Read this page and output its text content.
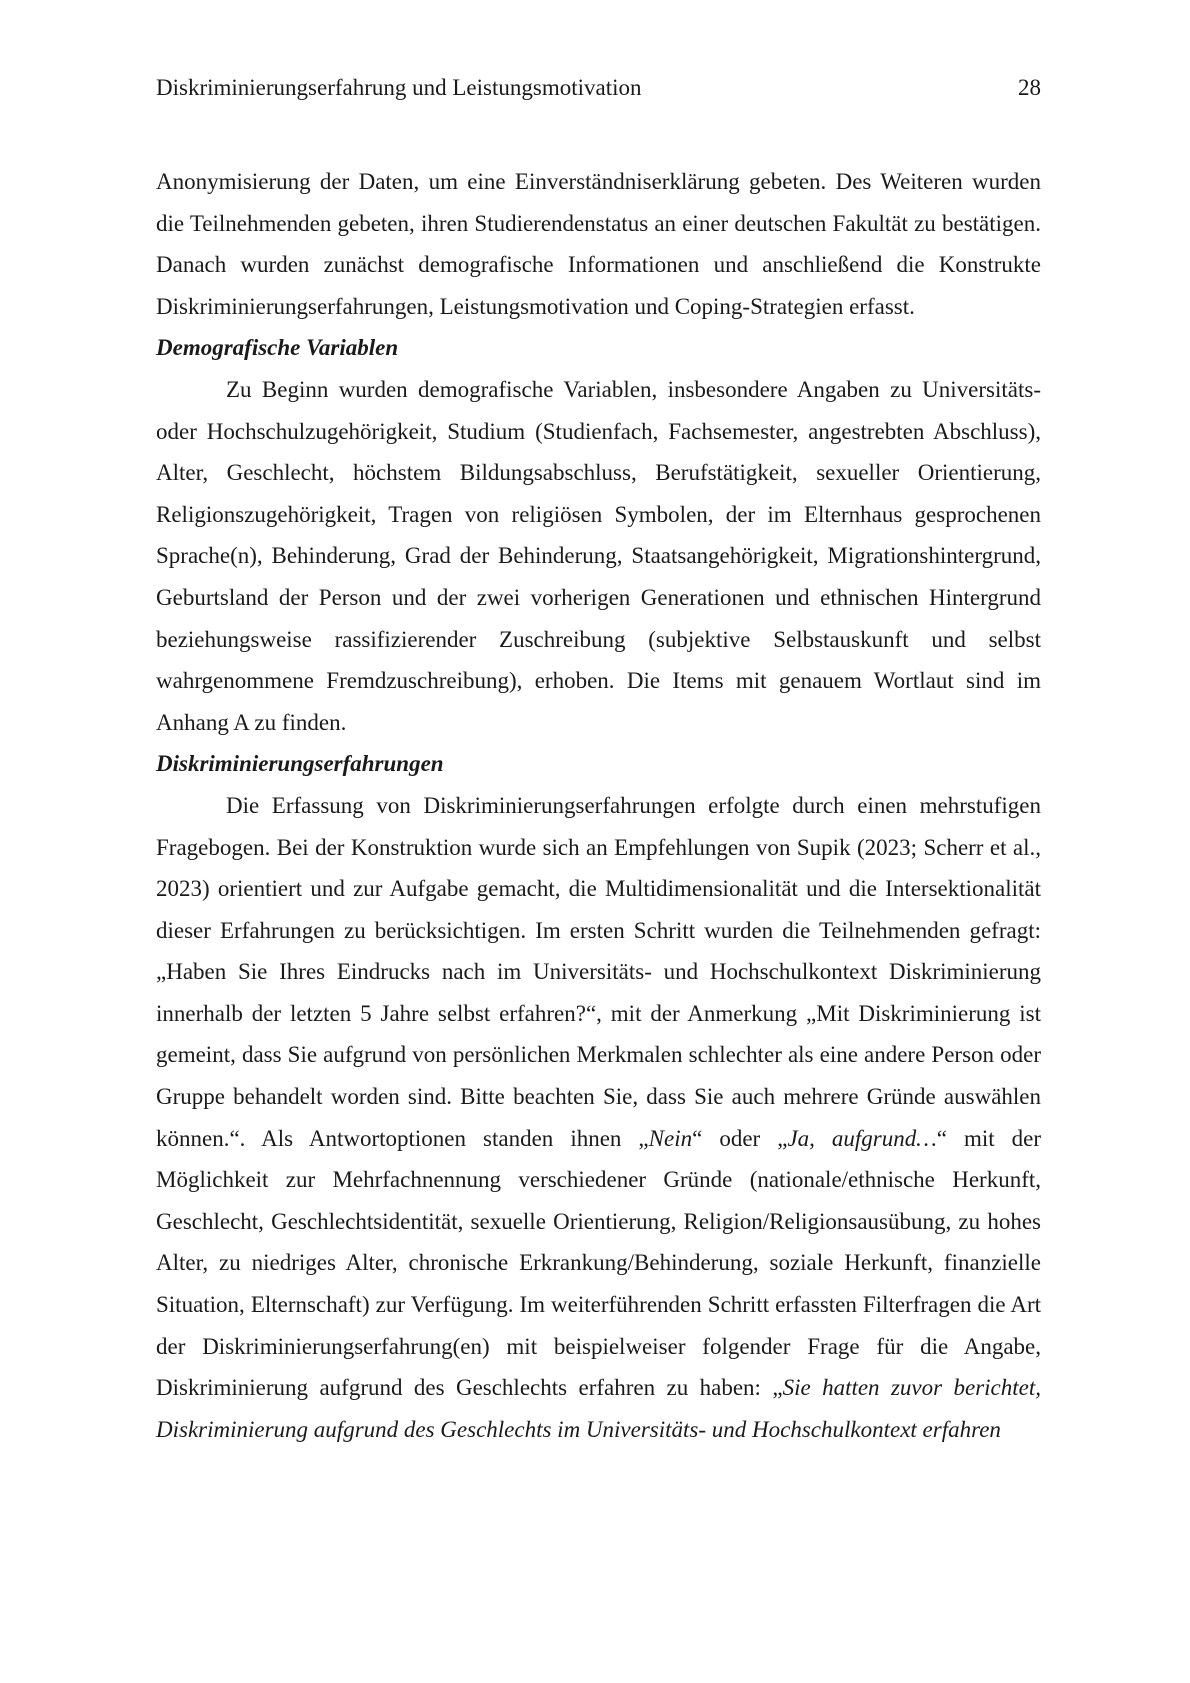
Diskriminierungserfahrung und Leistungsmotivation	28

Anonymisierung der Daten, um eine Einverständniserklärung gebeten. Des Weiteren wurden die Teilnehmenden gebeten, ihren Studierendenstatus an einer deutschen Fakultät zu bestätigen. Danach wurden zunächst demografische Informationen und anschließend die Konstrukte Diskriminierungserfahrungen, Leistungsmotivation und Coping-Strategien erfasst.

Demografische Variablen

Zu Beginn wurden demografische Variablen, insbesondere Angaben zu Universitäts- oder Hochschulzugehörigkeit, Studium (Studienfach, Fachsemester, angestrebten Abschluss), Alter, Geschlecht, höchstem Bildungsabschluss, Berufstätigkeit, sexueller Orientierung, Religionszugehörigkeit, Tragen von religiösen Symbolen, der im Elternhaus gesprochenen Sprache(n), Behinderung, Grad der Behinderung, Staatsangehörigkeit, Migrationshintergrund, Geburtsland der Person und der zwei vorherigen Generationen und ethnischen Hintergrund beziehungsweise rassifizierender Zuschreibung (subjektive Selbstauskunft und selbst wahrgenommene Fremdzuschreibung), erhoben. Die Items mit genauem Wortlaut sind im Anhang A zu finden.

Diskriminierungserfahrungen

Die Erfassung von Diskriminierungserfahrungen erfolgte durch einen mehrstufigen Fragebogen. Bei der Konstruktion wurde sich an Empfehlungen von Supik (2023; Scherr et al., 2023) orientiert und zur Aufgabe gemacht, die Multidimensionalität und die Intersektionalität dieser Erfahrungen zu berücksichtigen. Im ersten Schritt wurden die Teilnehmenden gefragt: „Haben Sie Ihres Eindrucks nach im Universitäts- und Hochschulkontext Diskriminierung innerhalb der letzten 5 Jahre selbst erfahren?“, mit der Anmerkung „Mit Diskriminierung ist gemeint, dass Sie aufgrund von persönlichen Merkmalen schlechter als eine andere Person oder Gruppe behandelt worden sind. Bitte beachten Sie, dass Sie auch mehrere Gründe auswählen können.“. Als Antwortoptionen standen ihnen „Nein“ oder „Ja, aufgrund…“ mit der Möglichkeit zur Mehrfachnennung verschiedener Gründe (nationale/ethnische Herkunft, Geschlecht, Geschlechtsidentität, sexuelle Orientierung, Religion/Religionsausübung, zu hohes Alter, zu niedriges Alter, chronische Erkrankung/Behinderung, soziale Herkunft, finanzielle Situation, Elternschaft) zur Verfügung. Im weiterführenden Schritt erfassten Filterfragen die Art der Diskriminierungserfahrung(en) mit beispielweiser folgender Frage für die Angabe, Diskriminierung aufgrund des Geschlechts erfahren zu haben: „Sie hatten zuvor berichtet, Diskriminierung aufgrund des Geschlechts im Universitäts- und Hochschulkontext erfahren
